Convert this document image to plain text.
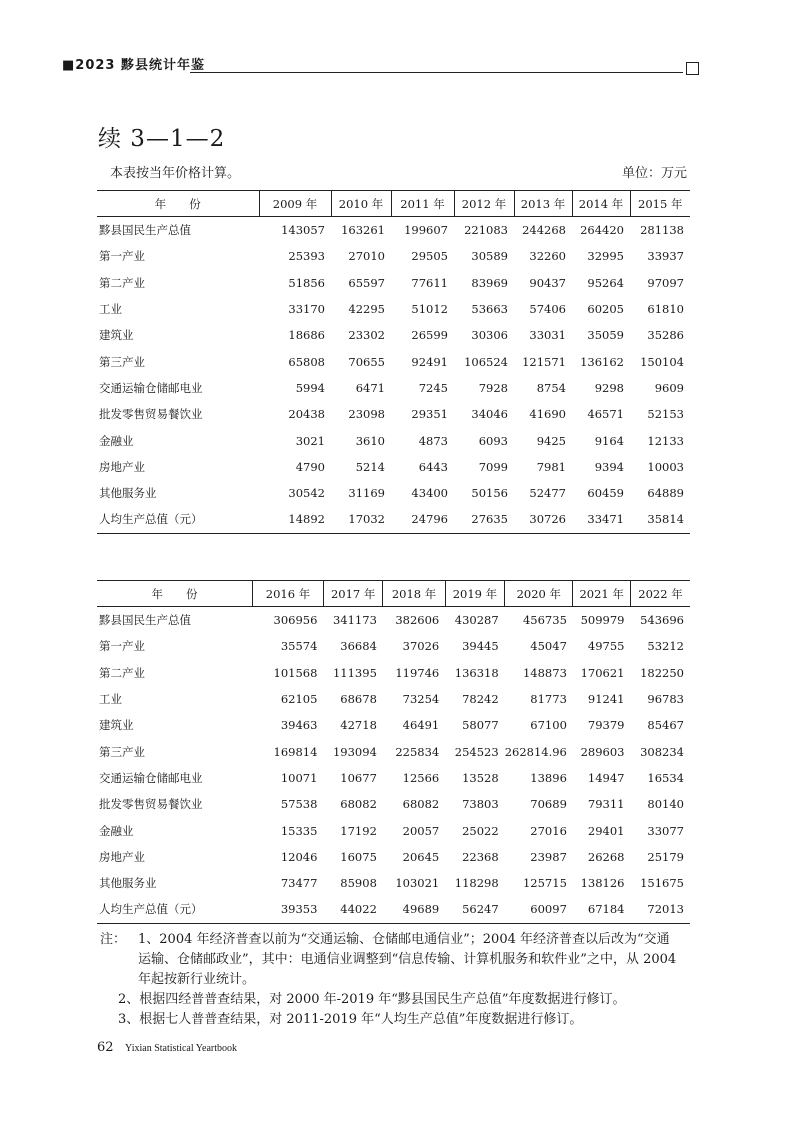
■2023 黟县统计年鉴
续 3—1—2
本表按当年价格计算。	单位：万元
年　　份	2009 年	2010 年	2011 年	2012 年	2013 年	2014 年	2015 年
黟县国民生产总值	143057	163261	199607	221083	244268	264420	281138
第一产业	25393	27010	29505	30589	32260	32995	33937
第二产业	51856	65597	77611	83969	90437	95264	97097
工业	33170	42295	51012	53663	57406	60205	61810
建筑业	18686	23302	26599	30306	33031	35059	35286
第三产业	65808	70655	92491	106524	121571	136162	150104
交通运输仓储邮电业	5994	6471	7245	7928	8754	9298	9609
批发零售贸易餐饮业	20438	23098	29351	34046	41690	46571	52153
金融业	3021	3610	4873	6093	9425	9164	12133
房地产业	4790	5214	6443	7099	7981	9394	10003
其他服务业	30542	31169	43400	50156	52477	60459	64889
人均生产总值（元）	14892	17032	24796	27635	30726	33471	35814
年　　份	2016 年	2017 年	2018 年	2019 年	2020 年	2021 年	2022 年
黟县国民生产总值	306956	341173	382606	430287	456735	509979	543696
第一产业	35574	36684	37026	39445	45047	49755	53212
第二产业	101568	111395	119746	136318	148873	170621	182250
工业	62105	68678	73254	78242	81773	91241	96783
建筑业	39463	42718	46491	58077	67100	79379	85467
第三产业	169814	193094	225834	254523	262814.96	289603	308234
交通运输仓储邮电业	10071	10677	12566	13528	13896	14947	16534
批发零售贸易餐饮业	57538	68082	68082	73803	70689	79311	80140
金融业	15335	17192	20057	25022	27016	29401	33077
房地产业	12046	16075	20645	22368	23987	26268	25179
其他服务业	73477	85908	103021	118298	125715	138126	151675
人均生产总值（元）	39353	44022	49689	56247	60097	67184	72013
注： 1、2004 年经济普查以前为“交通运输、仓储邮电通信业”；2004 年经济普查以后改为“交通
运输、仓储邮政业”，其中：电通信业调整到“信息传输、计算机服务和软件业”之中，从 2004
年起按新行业统计。
2、根据四经普普查结果，对 2000 年-2019 年“黟县国民生产总值”年度数据进行修订。
3、根据七人普普查结果，对 2011-2019 年“人均生产总值”年度数据进行修订。
62 Yixian Statistical Yeartbook
